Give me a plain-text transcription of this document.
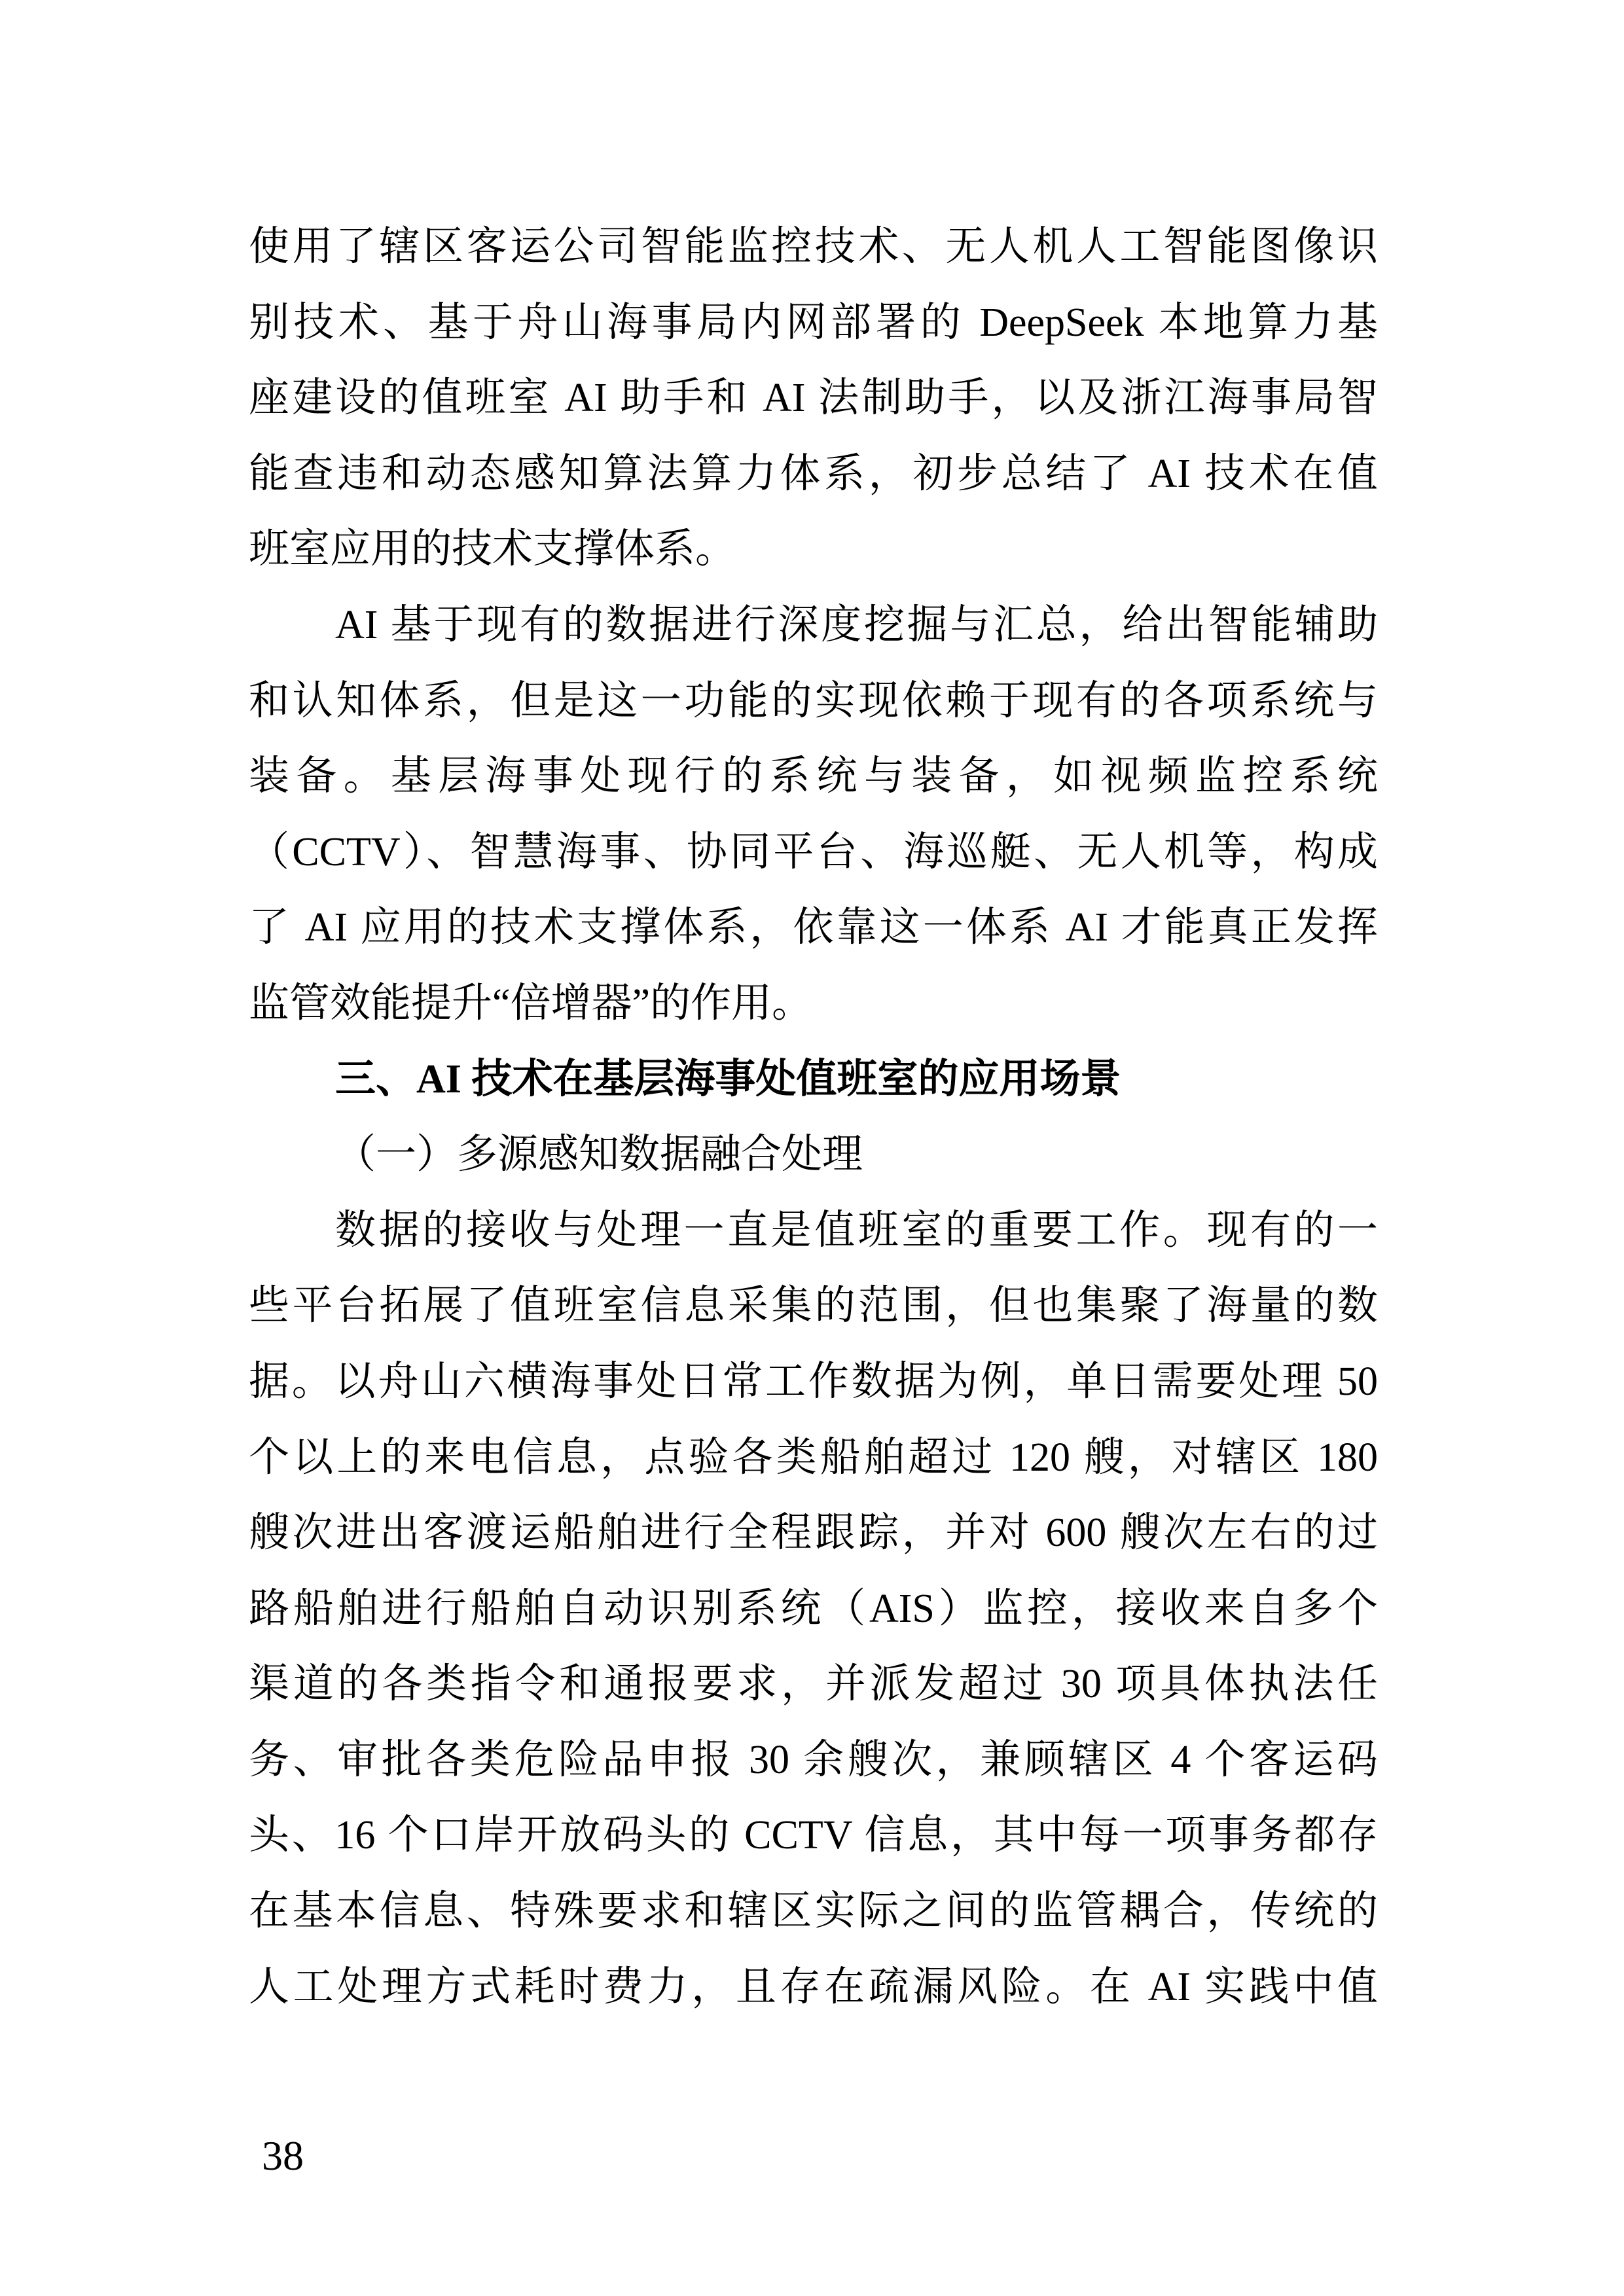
使用了辖区客运公司智能监控技术、无人机人工智能图像识
别技术、基于舟山海事局内网部署的 DeepSeek 本地算力基
座建设的值班室 AI 助手和 AI 法制助手，以及浙江海事局智
能查违和动态感知算法算力体系，初步总结了 AI 技术在值
班室应用的技术支撑体系。
AI 基于现有的数据进行深度挖掘与汇总，给出智能辅助
和认知体系，但是这一功能的实现依赖于现有的各项系统与
装备。基层海事处现行的系统与装备，如视频监控系统
（CCTV）、智慧海事、协同平台、海巡艇、无人机等，构成
了 AI 应用的技术支撑体系，依靠这一体系 AI 才能真正发挥
监管效能提升“倍增器”的作用。
三、AI 技术在基层海事处值班室的应用场景
（一）多源感知数据融合处理
数据的接收与处理一直是值班室的重要工作。现有的一
些平台拓展了值班室信息采集的范围，但也集聚了海量的数
据。以舟山六横海事处日常工作数据为例，单日需要处理 50
个以上的来电信息，点验各类船舶超过 120 艘，对辖区 180
艘次进出客渡运船舶进行全程跟踪，并对 600 艘次左右的过
路船舶进行船舶自动识别系统（AIS）监控，接收来自多个
渠道的各类指令和通报要求，并派发超过 30 项具体执法任
务、审批各类危险品申报 30 余艘次，兼顾辖区 4 个客运码
头、16 个口岸开放码头的 CCTV 信息，其中每一项事务都存
在基本信息、特殊要求和辖区实际之间的监管耦合，传统的
人工处理方式耗时费力，且存在疏漏风险。在 AI 实践中值
38
